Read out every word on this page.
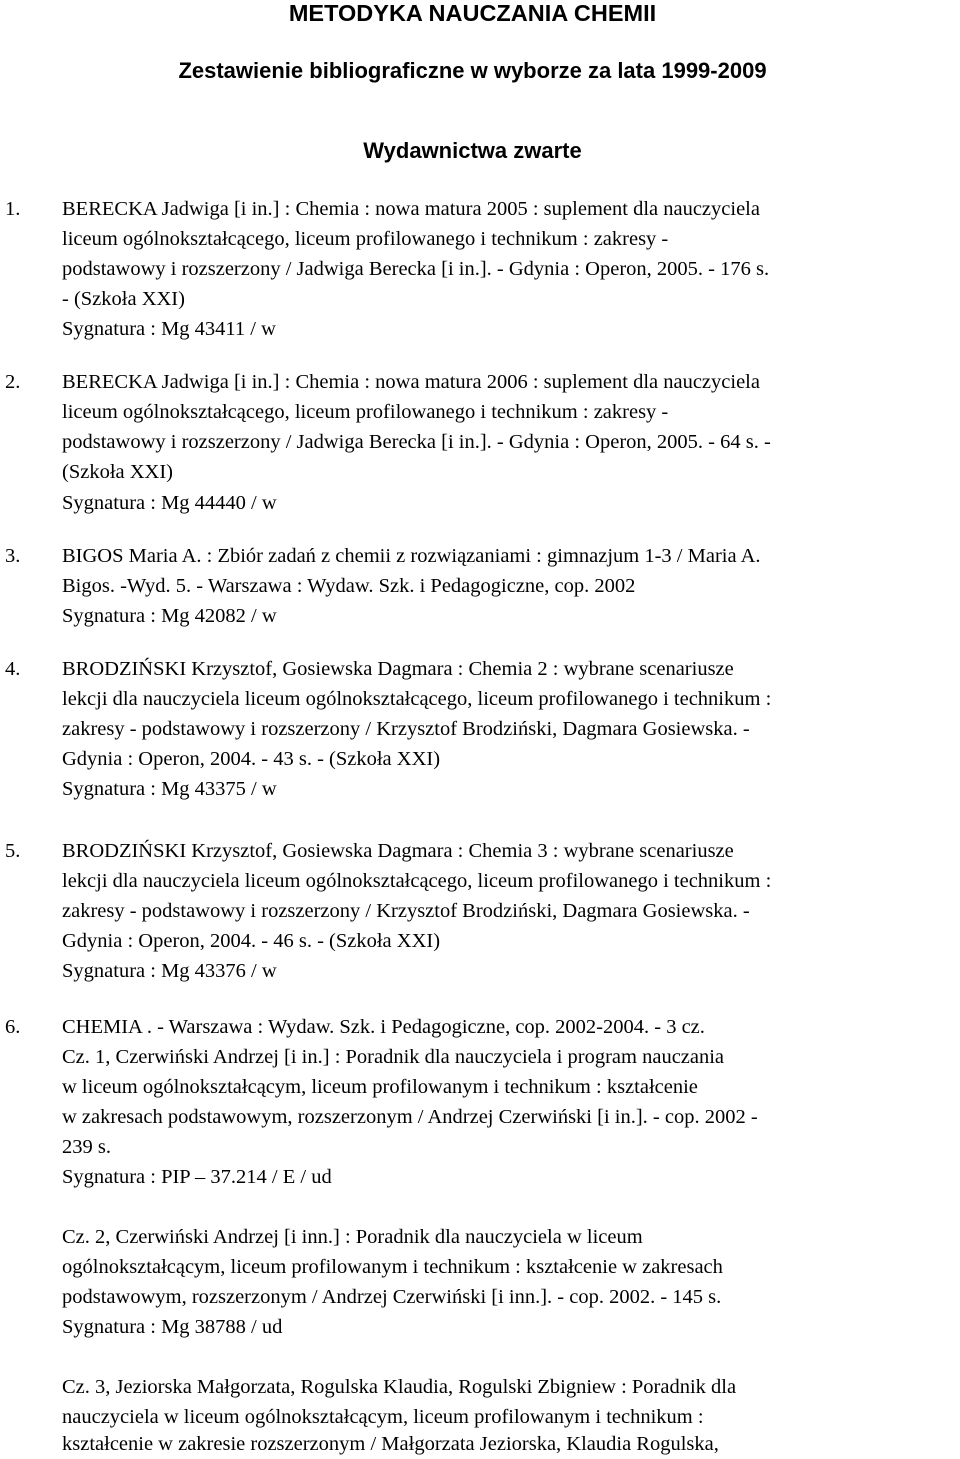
METODYKA NAUCZANIA CHEMII
Zestawienie bibliograficzne w wyborze za lata 1999-2009
Wydawnictwa zwarte
1.	BERECKA Jadwiga [i in.] : Chemia : nowa matura 2005 : suplement dla nauczyciela
liceum ogólnokształcącego, liceum profilowanego i technikum : zakresy -
podstawowy i rozszerzony / Jadwiga Berecka [i in.]. - Gdynia : Operon, 2005. - 176 s.
- (Szkoła XXI)
Sygnatura : Mg 43411 / w
2.	BERECKA Jadwiga [i in.] : Chemia : nowa matura 2006 : suplement dla nauczyciela
liceum ogólnokształcącego, liceum profilowanego i technikum : zakresy -
podstawowy i rozszerzony / Jadwiga Berecka [i in.]. - Gdynia : Operon, 2005. - 64 s. -
(Szkoła XXI)
Sygnatura : Mg 44440 / w
3.	BIGOS Maria A. : Zbiór zadań z chemii z rozwiązaniami : gimnazjum 1-3 / Maria A.
Bigos. -Wyd. 5. - Warszawa : Wydaw. Szk. i Pedagogiczne, cop. 2002
Sygnatura : Mg 42082 / w
4.	BRODZIŃSKI Krzysztof, Gosiewska Dagmara : Chemia 2 : wybrane scenariusze
lekcji dla nauczyciela liceum ogólnokształcącego, liceum profilowanego i technikum :
zakresy - podstawowy i rozszerzony / Krzysztof Brodziński, Dagmara Gosiewska. -
Gdynia : Operon, 2004. - 43 s. - (Szkoła XXI)
Sygnatura : Mg 43375 / w
5.	BRODZIŃSKI Krzysztof, Gosiewska Dagmara : Chemia 3 : wybrane scenariusze
lekcji dla nauczyciela liceum ogólnokształcącego, liceum profilowanego i technikum :
zakresy - podstawowy i rozszerzony / Krzysztof Brodziński, Dagmara Gosiewska. -
Gdynia : Operon, 2004. - 46 s. - (Szkoła XXI)
Sygnatura : Mg 43376 / w
6.	CHEMIA . - Warszawa : Wydaw. Szk. i Pedagogiczne, cop. 2002-2004. - 3 cz.
Cz. 1, Czerwiński Andrzej [i in.] : Poradnik dla nauczyciela i program nauczania
w liceum ogólnokształcącym, liceum profilowanym i technikum : kształcenie
w zakresach podstawowym, rozszerzonym / Andrzej Czerwiński [i in.]. - cop. 2002 -
239 s.
Sygnatura : PIP – 37.214 / E / ud
Cz. 2, Czerwiński Andrzej [i inn.] : Poradnik dla nauczyciela w liceum
ogólnokształcącym, liceum profilowanym i technikum : kształcenie w zakresach
podstawowym, rozszerzonym / Andrzej Czerwiński [i inn.]. - cop. 2002. - 145 s.
Sygnatura : Mg 38788 / ud
Cz. 3, Jeziorska Małgorzata, Rogulska Klaudia, Rogulski Zbigniew : Poradnik dla
nauczyciela w liceum ogólnokształcącym, liceum profilowanym i technikum :
kształcenie w zakresie rozszerzonym / Małgorzata Jeziorska, Klaudia Rogulska,
